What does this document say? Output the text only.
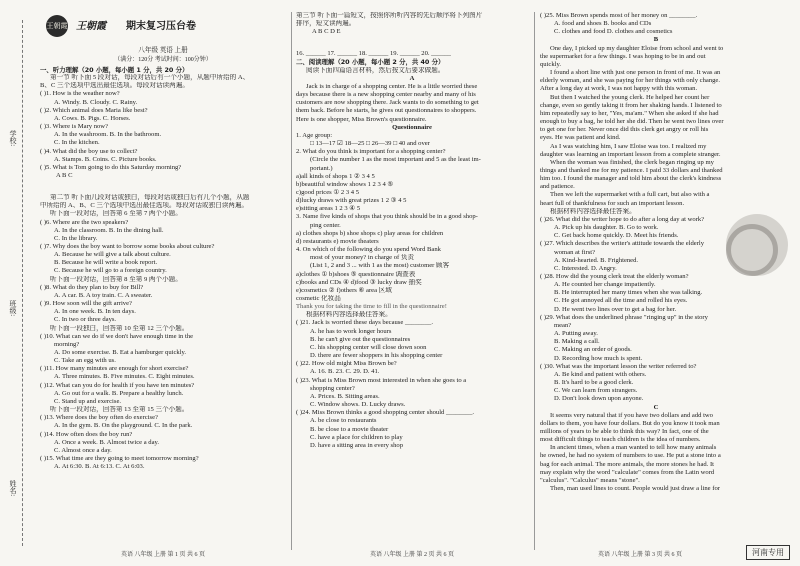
学校:
班级:
姓名:
王朝霞 王朝霞 期末复习压台卷
八年级 英语 上册
（满分：120分 考试时间：100分钟）
一、听力理解（20 小题，每小题 1 分，共 20 分）
第一节 听下面 5 段对话，每段对话后有一个小题，从题中所给的 A、
B、C 三个选项中选出最佳选项。每段对话读两遍。
( )1. How is the weather now?
A. Windy. B. Cloudy. C. Rainy.
( )2. Which animal does Maria like best?
A. Cows. B. Pigs. C. Horses.
( )3. Where is Mary now?
A. In the washroom. B. In the bathroom.
C. In the kitchen.
( )4. What did the boy use to collect?
A. Stamps. B. Coins. C. Picture books.
( )5. What is Tom going to do this Saturday morning?
A B C
第二节 听下面几段对话或独白，每段对话或独白后有几个小题，从题
中所给的 A、B、C 三个选项中选出最佳选项。每段对话或独白读两遍。
听下面一段对话，回答第 6 至第 7 两个小题。
( )6. Where are the two speakers?
A. In the classroom. B. In the dining hall.
C. In the library.
( )7. Why does the boy want to borrow some books about culture?
A. Because he will give a talk about culture.
B. Because he will write a book report.
C. Because he will go to a foreign country.
听下面一段对话，回答第 8 至第 9 两个小题。
( )8. What do they plan to buy for Bill?
A. A car. B. A toy train. C. A sweater.
( )9. How soon will the gift arrive?
A. In one week. B. In ten days.
C. In two or three days.
听下面一段独白，回答第 10 至第 12 三个小题。
( )10. What can we do if we don't have enough time in the
morning?
A. Do some exercise. B. Eat a hamburger quickly.
C. Take an egg with us.
( )11. How many minutes are enough for short exercise?
A. Three minutes. B. Five minutes. C. Eight minutes.
( )12. What can you do for health if you have ten minutes?
A. Go out for a walk. B. Prepare a healthy lunch.
C. Stand up and exercise.
听下面一段对话，回答第 13 至第 15 三个小题。
( )13. Where does the boy often do exercise?
A. In the gym. B. On the playground. C. In the park.
( )14. How often does the boy run?
A. Once a week. B. Almost twice a day.
C. Almost once a day.
( )15. What time are they going to meet tomorrow morning?
A. At 6:30. B. At 6:13. C. At 6:03.
第三节 听下面一篇短文，按照你所听内容的先后顺序将下列图片
排序，短文读两遍。
A B C D E
16. ______ 17. ______ 18. ______ 19. ______ 20. ______
二、阅读理解（20 小题，每小题 2 分，共 40 分）
阅读下面四篇语言材料，然后按文后要求做题。
A
Jack is in charge of a shopping center. He is a little worried these
days because there is a new shopping center nearby and many of his
customers are now shopping there. Jack wants to do something to get
them back. Before he starts, he gives out questionnaires to shoppers.
Here is one shopper, Miss Brown's questionnaire.
Questionnaire
1. Age group:
□ 13—17 ☑ 18—25 □ 26—39 □ 40 and over
2. What do you think is important for a shopping center?
(Circle the number 1 as the most important and 5 as the least im-
portant.)
a)all kinds of shops 1 ② 3 4 5
b)beautiful window shows 1 2 3 4 ⑤
c)good prices ① 2 3 4 5
d)lucky draws with great prizes 1 2 ③ 4 5
e)sitting areas 1 2 3 ④ 5
3. Name five kinds of shops that you think should be in a good shop-
ping center.
a) clothes shops b) shoe shops c) play areas for children
d) restaurants e) movie theaters
4. On which of the following do you spend Word Bank
most of your money? in charge of 负责
(List 1, 2 and 3 ... with 1 as the most) customer 顾客
a)clothes ① b)shoes ⑤ questionnaire 调查表
c)books and CDs ④ d)food ③ lucky draw 抽奖
e)cosmetics ② f)others ⑥ area 区域
cosmetic 化妆品
Thank you for taking the time to fill in the questionnaire!
根据材料内容选择最佳答案。
( )21. Jack is worried these days because ________.
A. he has to work longer hours
B. he can't give out the questionnaires
C. his shopping center will close down soon
D. there are fewer shoppers in his shopping center
( )22. How old might Miss Brown be?
A. 16. B. 23. C. 29. D. 41.
( )23. What is Miss Brown most interested in when she goes to a
shopping center?
A. Prices. B. Sitting areas.
C. Window shows. D. Lucky draws.
( )24. Miss Brown thinks a good shopping center should ________.
A. be close to restaurants
B. be close to a movie theater
C. have a place for children to play
D. have a sitting area in every shop
( )25. Miss Brown spends most of her money on ________.
A. food and shoes B. books and CDs
C. clothes and food D. clothes and cosmetics
B
One day, I picked up my daughter Eloise from school and went to
the supermarket for a few things. I was hoping to be in and out
quickly.
I found a short line with just one person in front of me. It was an
elderly woman, and she was paying for her things with only change.
After a long day at work, I was not happy with this woman.
But then I watched the young clerk. He helped her count her
change, even so gently taking it from her shaking hands. I listened to
him repeatedly say to her, "Yes, ma'am." When she asked if she had
enough to buy a bag, he told her she did. Then he went two lines over
to get one for her. Never once did this clerk get angry or roll his
eyes. He was patient and kind.
As I was watching him, I saw Eloise was too. I realized my
daughter was learning an important lesson from a complete stranger.
When the woman was finished, the clerk began ringing up my
things and thanked me for my patience. I paid 33 dollars and thanked
him too. I found the manager and told him about the clerk's kindness
and patience.
Then we left the supermarket with a full cart, but also with a
heart full of thankfulness for such an important lesson.
根据材料内容选择最佳答案。
( )26. What did the writer hope to do after a long day at work?
A. Pick up his daughter. B. Go to work.
C. Get back home quickly. D. Meet his friends.
( )27. Which describes the writer's attitude towards the elderly
woman at first?
A. Kind-hearted. B. Frightened.
C. Interested. D. Angry.
( )28. How did the young clerk treat the elderly woman?
A. He counted her change impatiently.
B. He interrupted her many times when she was talking.
C. He got annoyed all the time and rolled his eyes.
D. He went two lines over to get a bag for her.
( )29. What does the underlined phrase "ringing up" in the story
mean?
A. Putting away.
B. Making a call.
C. Making an order of goods.
D. Recording how much is spent.
( )30. What was the important lesson the writer referred to?
A. Be kind and patient with others.
B. It's hard to be a good clerk.
C. We can learn from strangers.
D. Don't look down upon anyone.
C
It seems very natural that if you have two dollars and add two
dollars to them, you have four dollars. But do you know it took man
millions of years to be able to think this way? In fact, one of the
most difficult things to teach children is the idea of numbers.
In ancient times, when a man wanted to tell how many animals
he owned, he had no system of numbers to use. He put a stone into a
bag for each animal. The more animals, the more stones he had. It
may explain why the word "calculate" comes from the Latin word
"calculus". "Calculus" means "stone".
Then, man used lines to count. People would just draw a line for
英语 八年级 上册 第 1 页 共 6 页	英语 八年级 上册 第 2 页 共 6 页	英语 八年级 上册 第 3 页 共 6 页	河南专用
